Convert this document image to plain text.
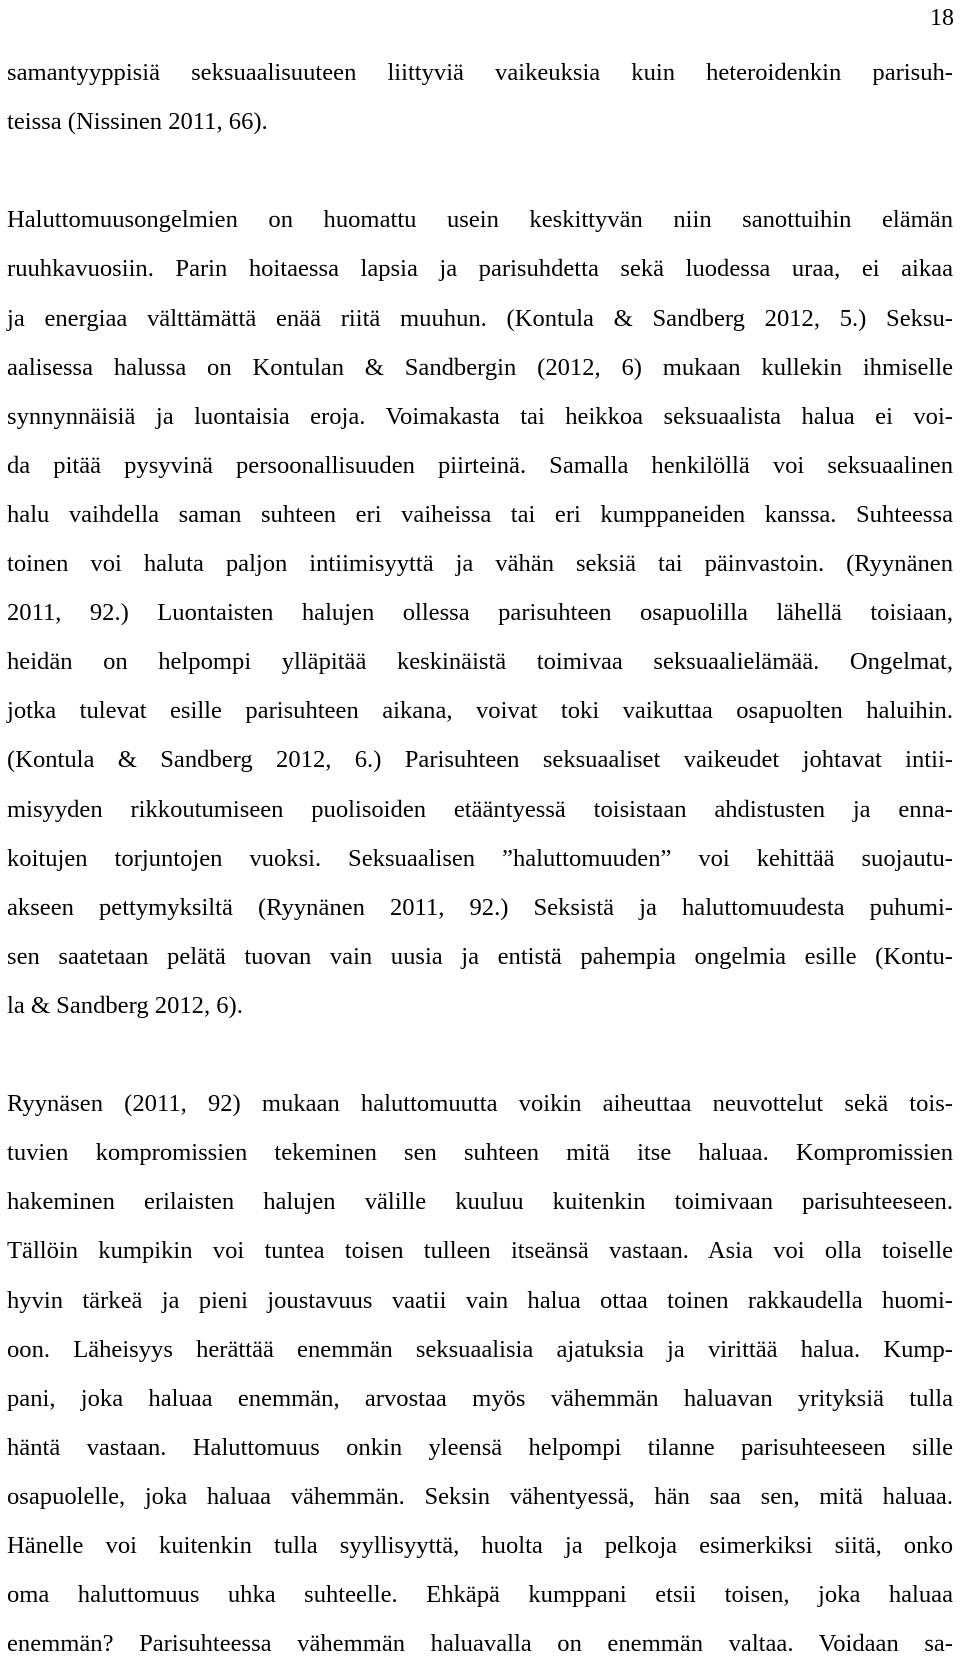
18
samantyyppisiä seksuaalisuuteen liittyviä vaikeuksia kuin heteroidenkin parisuh-
teissa (Nissinen 2011, 66).
Haluttomuusongelmien on huomattu usein keskittyvän niin sanottuihin elämän
ruuhkavuosiin. Parin hoitaessa lapsia ja parisuhdetta sekä luodessa uraa, ei aikaa
ja energiaa välttämättä enää riitä muuhun. (Kontula & Sandberg 2012, 5.) Seksu-
aalisessa halussa on Kontulan & Sandbergin (2012, 6) mukaan kullekin ihmiselle
synnynnäisiä ja luontaisia eroja. Voimakasta tai heikkoa seksuaalista halua ei voi-
da pitää pysyvinä persoonallisuuden piirteinä. Samalla henkilöllä voi seksuaalinen
halu vaihdella saman suhteen eri vaiheissa tai eri kumppaneiden kanssa. Suhteessa
toinen voi haluta paljon intiimisyyttä ja vähän seksiä tai päinvastoin. (Ryynänen
2011, 92.) Luontaisten halujen ollessa parisuhteen osapuolilla lähellä toisiaan,
heidän on helpompi ylläpitää keskinäistä toimivaa seksuaalielämää. Ongelmat,
jotka tulevat esille parisuhteen aikana, voivat toki vaikuttaa osapuolten haluihin.
(Kontula & Sandberg 2012, 6.) Parisuhteen seksuaaliset vaikeudet johtavat intii-
misyyden rikkoutumiseen puolisoiden etääntyessä toisistaan ahdistusten ja enna-
koitujen torjuntojen vuoksi. Seksuaalisen ”haluttomuuden” voi kehittää suojautu-
akseen pettymyksiltä (Ryynänen 2011, 92.) Seksistä ja haluttomuudesta puhumi-
sen saatetaan pelätä tuovan vain uusia ja entistä pahempia ongelmia esille (Kontu-
la & Sandberg 2012, 6).
Ryynäsen (2011, 92) mukaan haluttomuutta voikin aiheuttaa neuvottelut sekä tois-
tuvien kompromissien tekeminen sen suhteen mitä itse haluaa. Kompromissien
hakeminen erilaisten halujen välille kuuluu kuitenkin toimivaan parisuhteeseen.
Tällöin kumpikin voi tuntea toisen tulleen itseänsä vastaan. Asia voi olla toiselle
hyvin tärkeä ja pieni joustavuus vaatii vain halua ottaa toinen rakkaudella huomi-
oon. Läheisyys herättää enemmän seksuaalisia ajatuksia ja virittää halua. Kump-
pani, joka haluaa enemmän, arvostaa myös vähemmän haluavan yrityksiä tulla
häntä vastaan. Haluttomuus onkin yleensä helpompi tilanne parisuhteeseen sille
osapuolelle, joka haluaa vähemmän. Seksin vähentyessä, hän saa sen, mitä haluaa.
Hänelle voi kuitenkin tulla syyllisyyttä, huolta ja pelkoja esimerkiksi siitä, onko
oma haluttomuus uhka suhteelle. Ehkäpä kumppani etsii toisen, joka haluaa
enemmän? Parisuhteessa vähemmän haluavalla on enemmän valtaa. Voidaan sa-
